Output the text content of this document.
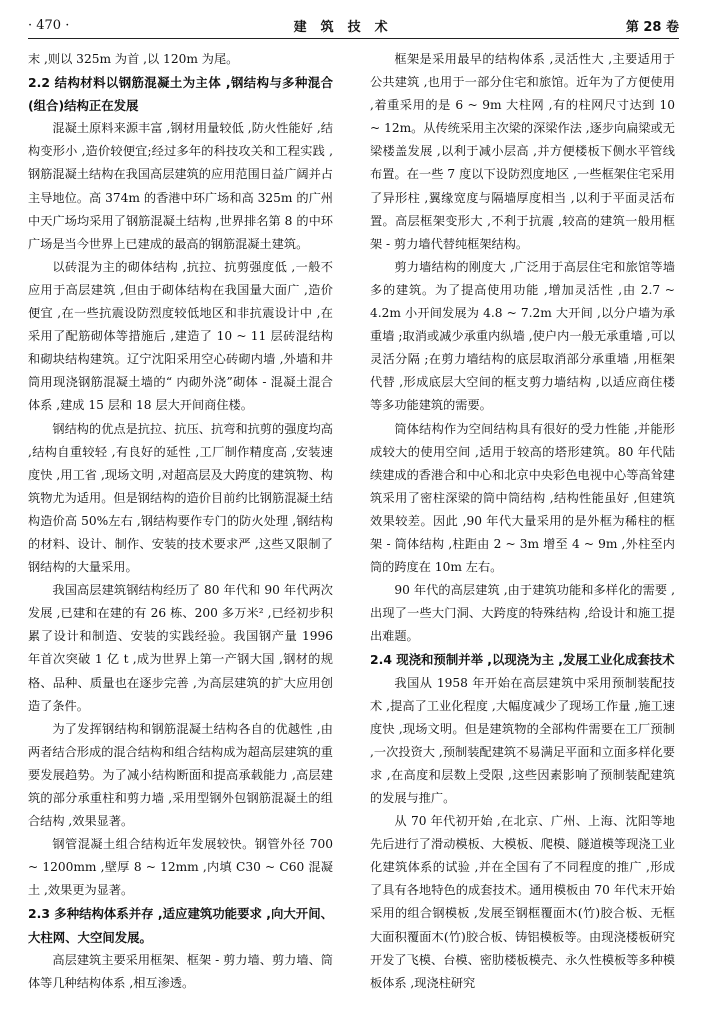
· 470 ·	建筑技术	第 28 卷

末 ,则以 325m 为首 ,以 120m 为尾。

2.2 结构材料以钢筋混凝土为主体 ,钢结构与多种混合(组合)结构正在发展

混凝土原料来源丰富 ,钢材用量较低 ,防火性能好 ,结构变形小 ,造价较便宜;经过多年的科技攻关和工程实践 ,钢筋混凝土结构在我国高层建筑的应用范围日益广阔并占主导地位。高 374m 的香港中环广场和高 325m 的广州中天广场均采用了钢筋混凝土结构 ,世界排名第 8 的中环广场是当今世界上已建成的最高的钢筋混凝土建筑。

以砖混为主的砌体结构 ,抗拉、抗剪强度低 ,一般不应用于高层建筑 ,但由于砌体结构在我国量大面广 ,造价便宜 ,在一些抗震设防烈度较低地区和非抗震设计中 ,在采用了配筋砌体等措施后 ,建造了 10 ~ 11 层砖混结构和砌块结构建筑。辽宁沈阳采用空心砖砌内墙 ,外墙和井筒用现浇钢筋混凝土墙的“ 内砌外浇”砌体 - 混凝土混合体系 ,建成 15 层和 18 层大开间商住楼。

钢结构的优点是抗拉、抗压、抗弯和抗剪的强度均高 ,结构自重较轻 ,有良好的延性 ,工厂制作精度高 ,安装速度快 ,用工省 ,现场文明 ,对超高层及大跨度的建筑物、构筑物尤为适用。但是钢结构的造价目前约比钢筋混凝土结构造价高 50%左右 ,钢结构要作专门的防火处理 ,钢结构的材料、设计、制作、安装的技术要求严 ,这些又限制了钢结构的大量采用。

我国高层建筑钢结构经历了 80 年代和 90 年代两次发展 ,已建和在建的有 26 栋、200 多万米² ,已经初步积累了设计和制造、安装的实践经验。我国钢产量 1996 年首次突破 1 亿 t ,成为世界上第一产钢大国 ,钢材的规格、品种、质量也在逐步完善 ,为高层建筑的扩大应用创造了条件。

为了发挥钢结构和钢筋混凝土结构各自的优越性 ,由两者结合形成的混合结构和组合结构成为超高层建筑的重要发展趋势。为了减小结构断面和提高承载能力 ,高层建筑的部分承重柱和剪力墙 ,采用型钢外包钢筋混凝土的组合结构 ,效果显著。

钢管混凝土组合结构近年发展较快。钢管外径 700 ~ 1200mm ,壁厚 8 ~ 12mm ,内填 C30 ~ C60 混凝土 ,效果更为显著。

2.3 多种结构体系并存 ,适应建筑功能要求 ,向大开间、大柱网、大空间发展。

高层建筑主要采用框架、框架 - 剪力墙、剪力墙、筒体等几种结构体系 ,相互渗透。

框架是采用最早的结构体系 ,灵活性大 ,主要适用于公共建筑 ,也用于一部分住宅和旅馆。近年为了方便使用 ,着重采用的是 6 ~ 9m 大柱网 ,有的柱网尺寸达到 10 ~ 12m。从传统采用主次梁的深梁作法 ,逐步向扁梁或无梁楼盖发展 ,以利于减小层高 ,并方便楼板下侧水平管线布置。在一些 7 度以下设防烈度地区 ,一些框架住宅采用了异形柱 ,翼缘宽度与隔墙厚度相当 ,以利于平面灵活布置。高层框架变形大 ,不利于抗震 ,较高的建筑一般用框架 - 剪力墙代替纯框架结构。

剪力墙结构的刚度大 ,广泛用于高层住宅和旅馆等墙多的建筑。为了提高使用功能 ,增加灵活性 ,由 2.7 ~ 4.2m 小开间发展为 4.8 ~ 7.2m 大开间 ,以分户墙为承重墙 ;取消或减少承重内纵墙 ,使户内一般无承重墙 ,可以灵活分隔 ;在剪力墙结构的底层取消部分承重墙 ,用框架代替 ,形成底层大空间的框支剪力墙结构 ,以适应商住楼等多功能建筑的需要。

筒体结构作为空间结构具有很好的受力性能 ,并能形成较大的使用空间 ,适用于较高的塔形建筑。80 年代陆续建成的香港合和中心和北京中央彩色电视中心等高耸建筑采用了密柱深梁的筒中筒结构 ,结构性能虽好 ,但建筑效果较差。因此 ,90 年代大量采用的是外框为稀柱的框架 - 筒体结构 ,柱距由 2 ~ 3m 增至 4 ~ 9m ,外柱至内筒的跨度在 10m 左右。

90 年代的高层建筑 ,由于建筑功能和多样化的需要 ,出现了一些大门洞、大跨度的特殊结构 ,给设计和施工提出难题。

2.4 现浇和预制并举 ,以现浇为主 ,发展工业化成套技术

我国从 1958 年开始在高层建筑中采用预制装配技术 ,提高了工业化程度 ,大幅度减少了现场工作量 ,施工速度快 ,现场文明。但是建筑物的全部构件需要在工厂预制 ,一次投资大 ,预制装配建筑不易满足平面和立面多样化要求 ,在高度和层数上受限 ,这些因素影响了预制装配建筑的发展与推广。

从 70 年代初开始 ,在北京、广州、上海、沈阳等地先后进行了滑动模板、大模板、爬模、隧道模等现浇工业化建筑体系的试验 ,并在全国有了不同程度的推广 ,形成了具有各地特色的成套技术。通用模板由 70 年代末开始采用的组合钢模板 ,发展至钢框覆面木(竹)胶合板、无框大面积覆面木(竹)胶合板、铸铝模板等。由现浇楼板研究开发了飞模、台模、密肋楼板模壳、永久性模板等多种模板体系 ,现浇柱研究
